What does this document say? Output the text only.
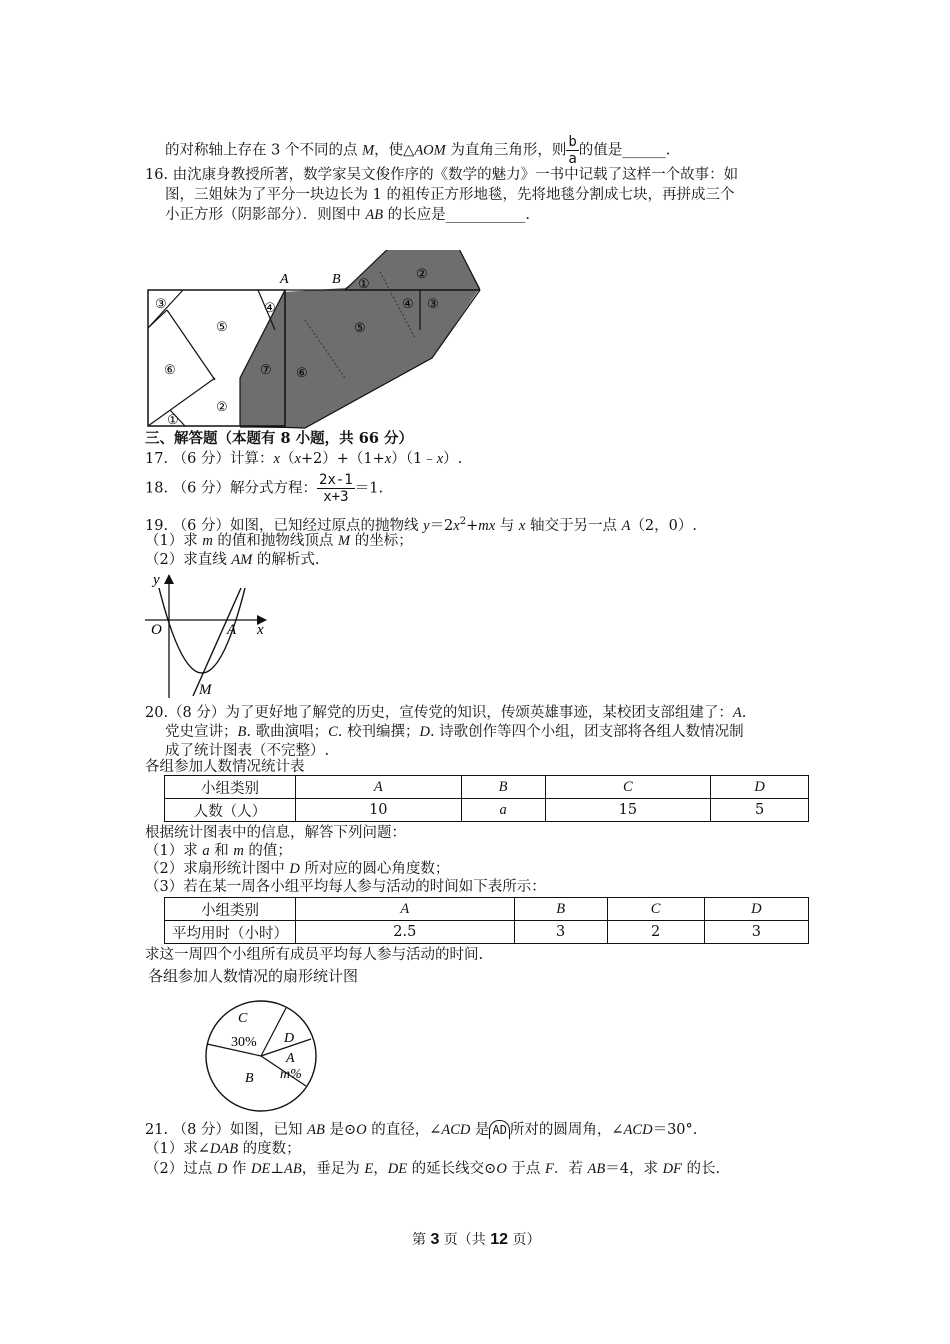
的对称轴上存在 3 个不同的点 M，使△AOM 为直角三角形，则 $\frac{b}{a}$ 的值是______.
16. 由沈康身教授所著，数学家吴文俊作序的《数学的魅力》一书中记载了这样一个故事：如
图，三姐妹为了平分一块边长为 1 的祖传正方形地毯，先将地毯分割成七块，再拼成三个
小正方形（阴影部分）．则图中 AB 的长应是___________.
A	B
③	④
⑤
⑥	⑦ ⑥
②
①
⑤
①
②
④ ③
三、解答题（本题有 8 小题，共 66 分）
17. （6 分）计算：x（x+2）+（1+x）（1﹣x）.
18. （6 分）解分式方程： $\frac{2x-1}{x+3} =1$.
19. （6 分）如图，已知经过原点的抛物线 $y=2x^2+mx$ 与 x 轴交于另一点 A（2，0）.
（1）求 m 的值和抛物线顶点 M 的坐标；
（2）求直线 AM 的解析式.
y
x
O	A
M
20.（8 分）为了更好地了解党的历史，宣传党的知识，传颂英雄事迹，某校团支部组建了：A.
党史宣讲；B. 歌曲演唱；C. 校刊编撰；D. 诗歌创作等四个小组，团支部将各组人数情况制
成了统计图表（不完整）.
各组参加人数情况统计表
小组类别	A	B	C	D
人数（人）	10	a	15	5
根据统计图表中的信息，解答下列问题：
（1）求 a 和 m 的值；
（2）求扇形统计图中 D 所对应的圆心角度数；
（3）若在某一周各小组平均每人参与活动的时间如下表所示：
小组类别	A	B	C	D
平均用时（小时）	2.5	3	2	3
求这一周四个小组所有成员平均每人参与活动的时间.
各组参加人数情况的扇形统计图
C
30% D
A
m%
B
21. （8 分）如图，已知 AB 是⊙O 的直径，∠ACD 是 AD 所对的圆周角，∠ACD＝30°.
（1）求∠DAB 的度数；
（2）过点 D 作 DE⊥AB，垂足为 E，DE 的延长线交⊙O 于点 F．若 AB＝4，求 DF 的长.
第 3 页（共 12 页）
